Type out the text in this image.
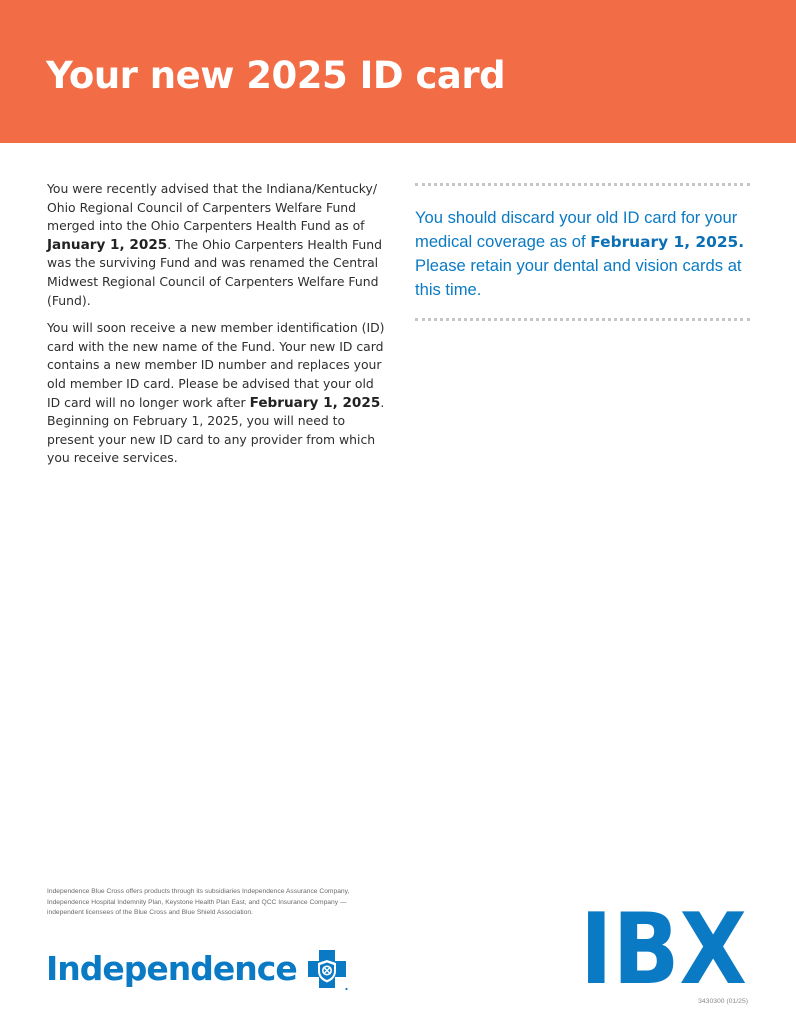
Your new 2025 ID card

You were recently advised that the Indiana/Kentucky/ Ohio Regional Council of Carpenters Welfare Fund merged into the Ohio Carpenters Health Fund as of January 1, 2025. The Ohio Carpenters Health Fund was the surviving Fund and was renamed the Central Midwest Regional Council of Carpenters Welfare Fund (Fund).

You will soon receive a new member identification (ID) card with the new name of the Fund. Your new ID card contains a new member ID number and replaces your old member ID card. Please be advised that your old ID card will no longer work after February 1, 2025. Beginning on February 1, 2025, you will need to present your new ID card to any provider from which you receive services.

You should discard your old ID card for your medical coverage as of February 1, 2025. Please retain your dental and vision cards at this time.

Independence Blue Cross offers products through its subsidiaries Independence Assurance Company, Independence Hospital Indemnity Plan, Keystone Health Plan East, and QCC Insurance Company — independent licensees of the Blue Cross and Blue Shield Association.

Independence	IBX

3430300 (01/25)
